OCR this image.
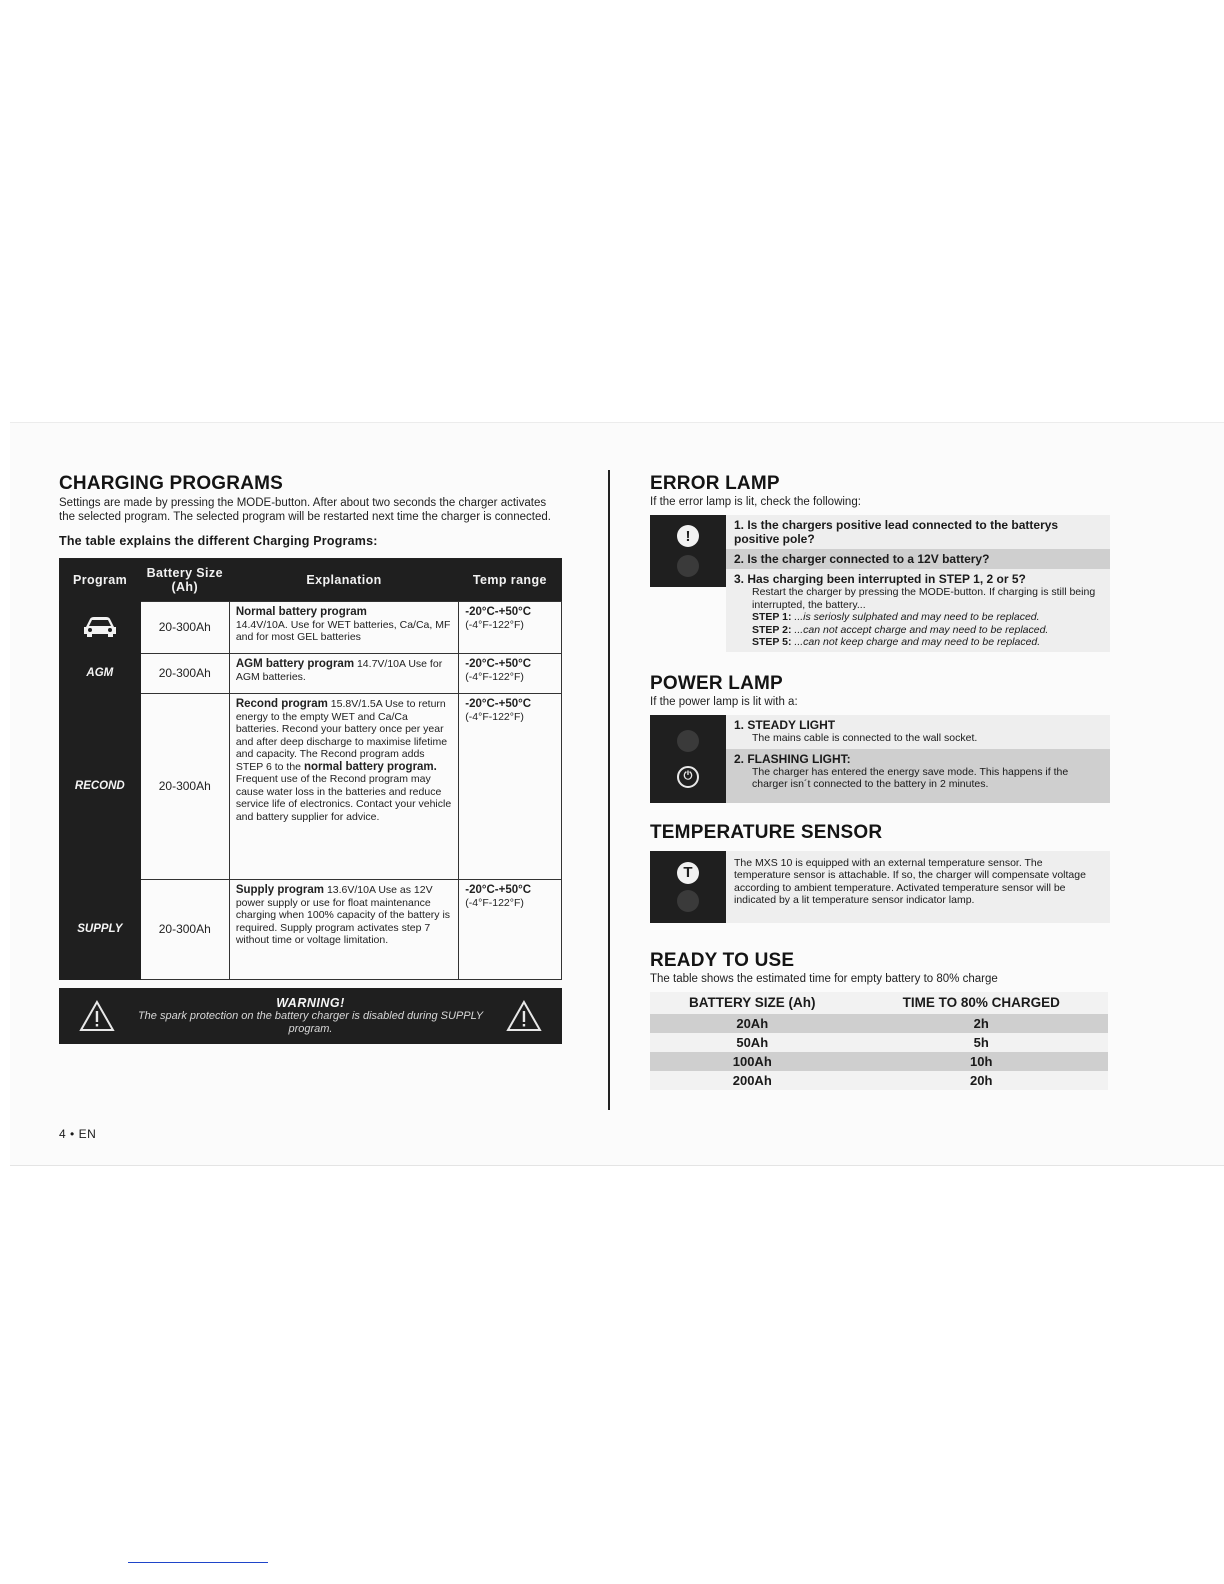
CHARGING PROGRAMS

Settings are made by pressing the MODE-button. After about two seconds the charger activates the selected program. The selected program will be restarted next time the charger is connected.

The table explains the different Charging Programs:
Program	Battery Size (Ah)	Explanation	Temp range
	20-300Ah	Normal battery program
14.4V/10A. Use for WET batteries, Ca/Ca, MF and for most GEL batteries	-20°C-+50°C
(-4°F-122°F)

AGM	20-300Ah	AGM battery program 14.7V/10A Use for AGM batteries.	-20°C-+50°C
(-4°F-122°F)

RECOND	20-300Ah	Recond program 15.8V/1.5A Use to return energy to the empty WET and Ca/Ca batteries. Recond your battery once per year and after deep discharge to maximise lifetime and capacity. The Recond program adds STEP 6 to the normal battery program. Frequent use of the Recond program may cause water loss in the batteries and reduce service life of electronics. Contact your vehicle and battery supplier for advice.	-20°C-+50°C
(-4°F-122°F)

SUPPLY	20-300Ah	Supply program 13.6V/10A Use as 12V power supply or use for float maintenance charging when 100% capacity of the battery is required. Supply program activates step 7 without time or voltage limitation.	-20°C-+50°C
(-4°F-122°F)
WARNING!
The spark protection on the battery charger is disabled during SUPPLY program.
4 • EN
ERROR LAMP

If the error lamp is lit, check the following:

!
1. Is the chargers positive lead connected to the batterys positive pole?
2. Is the charger connected to a 12V battery?
3. Has charging been interrupted in STEP 1, 2 or 5?
Restart the charger by pressing the MODE-button. If charging is still being interrupted, the battery...
STEP 1: ...is seriosly sulphated and may need to be replaced.
STEP 2: ...can not accept charge and may need to be replaced.
STEP 5: ...can not keep charge and may need to be replaced.
POWER LAMP

If the power lamp is lit with a:

⏻
1. STEADY LIGHT
The mains cable is connected to the wall socket.
2. FLASHING LIGHT:
The charger has entered the energy save mode. This happens if the charger isn´t connected to the battery in 2 minutes.
TEMPERATURE SENSOR
T
The MXS 10 is equipped with an external temperature sensor. The temperature sensor is attachable. If so, the charger will compensate voltage according to ambient temperature. Activated temperature sensor will be indicated by a lit temperature sensor indicator lamp.
READY TO USE

The table shows the estimated time for empty battery to 80% charge

BATTERY SIZE (Ah)	TIME TO 80% CHARGED
20Ah	2h
50Ah	5h
100Ah	10h
200Ah	20h
